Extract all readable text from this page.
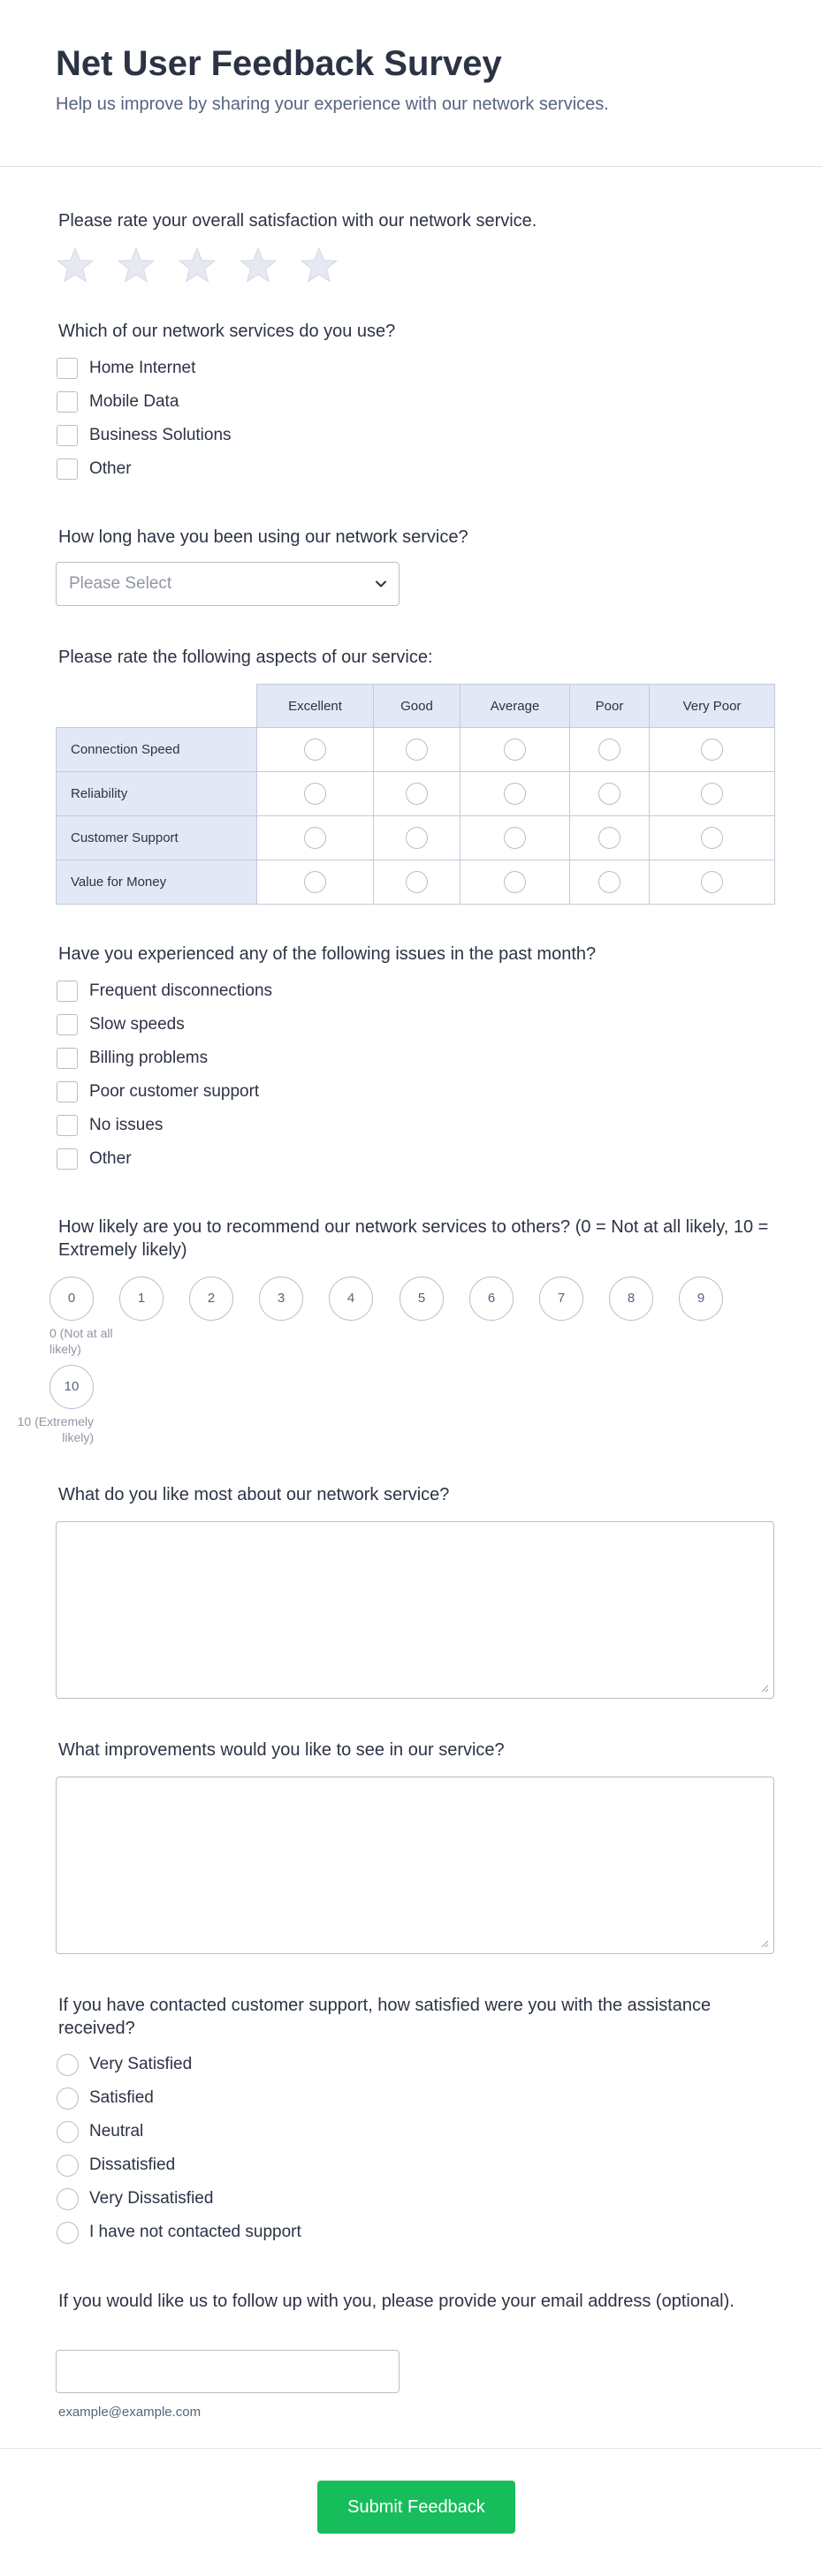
Net User Feedback Survey
Help us improve by sharing your experience with our network services.
Please rate your overall satisfaction with our network service.
Which of our network services do you use?
Home Internet
Mobile Data
Business Solutions
Other
How long have you been using our network service?
Please Select
Please rate the following aspects of our service:
	Excellent	Good	Average	Poor	Very Poor
Connection Speed					
Reliability					
Customer Support					
Value for Money					
Have you experienced any of the following issues in the past month?
Frequent disconnections
Slow speeds
Billing problems
Poor customer support
No issues
Other
How likely are you to recommend our network services to others? (0 = Not at all likely, 10 = Extremely likely)
0	1	2	3	4	5	6	7	8	9
0 (Not at all likely)
10
10 (Extremely likely)
What do you like most about our network service?
What improvements would you like to see in our service?
If you have contacted customer support, how satisfied were you with the assistance received?
Very Satisfied
Satisfied
Neutral
Dissatisfied
Very Dissatisfied
I have not contacted support
If you would like us to follow up with you, please provide your email address (optional).
example@example.com
Submit Feedback
